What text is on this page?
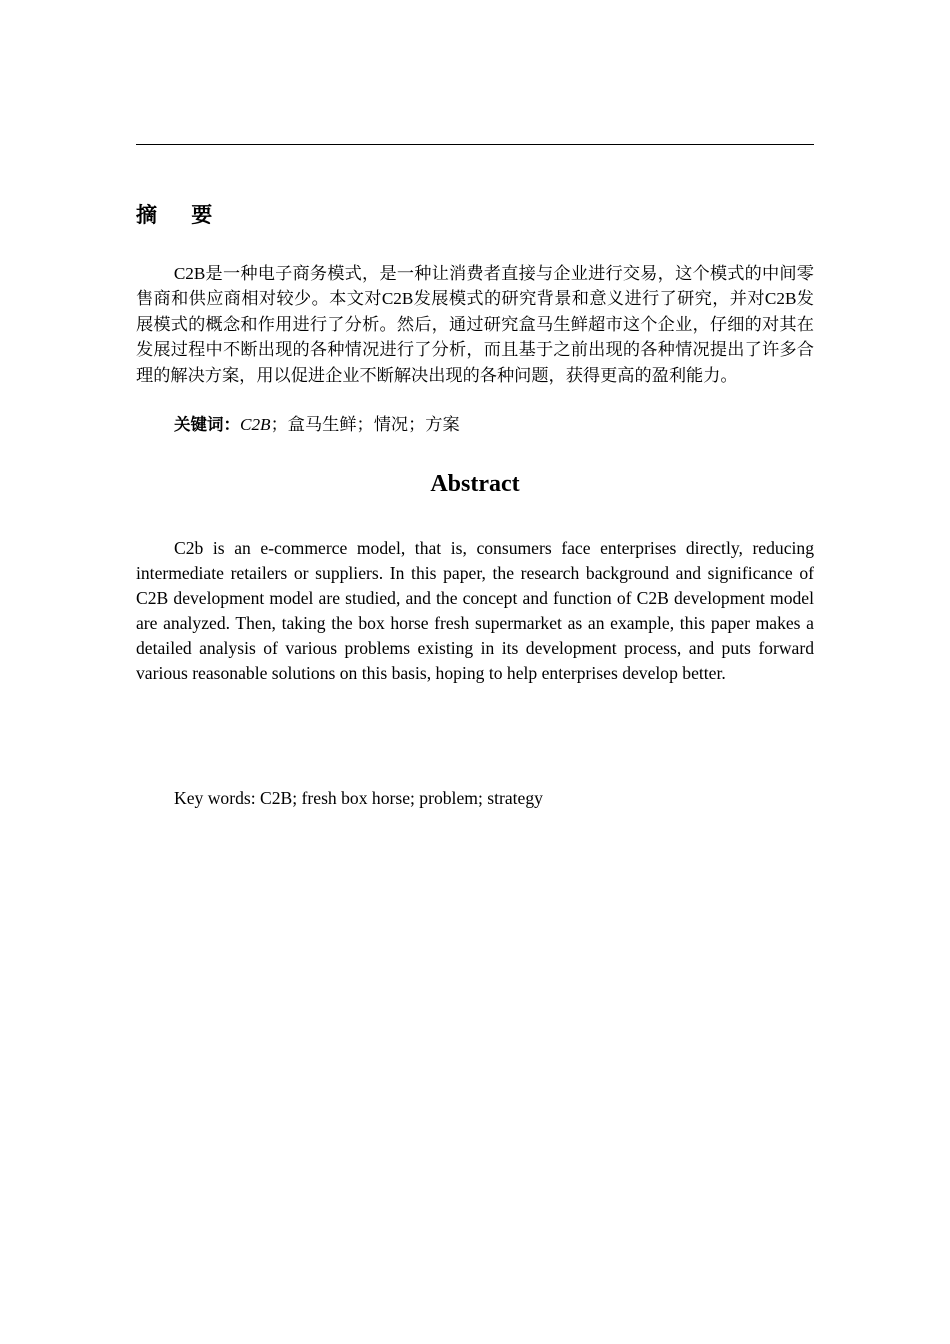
摘    要

C2B是一种电子商务模式，是一种让消费者直接与企业进行交易，这个模式的中间零售商和供应商相对较少。本文对C2B发展模式的研究背景和意义进行了研究，并对C2B发展模式的概念和作用进行了分析。然后，通过研究盒马生鲜超市这个企业，仔细的对其在发展过程中不断出现的各种情况进行了分析，而且基于之前出现的各种情况提出了许多合理的解决方案，用以促进企业不断解决出现的各种问题，获得更高的盈利能力。

关键词：C2B；盒马生鲜；情况；方案
Abstract

C2b is an e-commerce model, that is, consumers face enterprises directly, reducing intermediate retailers or suppliers. In this paper, the research background and significance of C2B development model are studied, and the concept and function of C2B development model are analyzed. Then, taking the box horse fresh supermarket as an example, this paper makes a detailed analysis of various problems existing in its development process, and puts forward various reasonable solutions on this basis, hoping to help enterprises develop better.

Key words: C2B; fresh box horse; problem; strategy
